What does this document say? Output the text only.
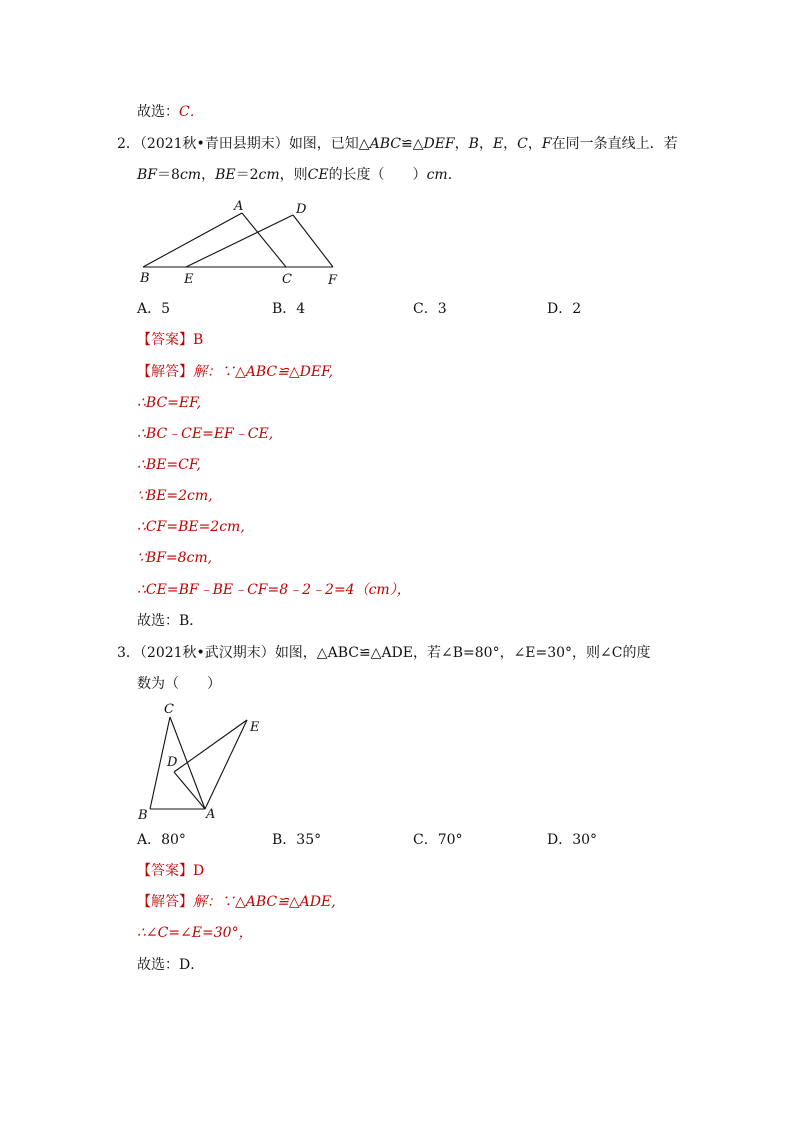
故选：C．
2．（2021秋•青田县期末）如图，已知△ABC≌△DEF，B，E，C，F在同一条直线上．若
BF＝8cm，BE＝2cm，则CE的长度（　　）cm．
A	D
B	E	C	F
A．5	B．4	C．3	D．2
【答案】B
【解答】解：∵△ABC≌△DEF,
∴BC=EF,
∴BC﹣CE=EF﹣CE,
∴BE=CF,
∵BE=2cm,
∴CF=BE=2cm,
∵BF=8cm,
∴CE=BF﹣BE﹣CF=8﹣2﹣2=4（cm），
故选：B．
3．（2021秋•武汉期末）如图，△ABC≌△ADE，若∠B=80°，∠E=30°，则∠C的度
数为（　　）
C
E
D
B	A
A．80°	B．35°	C．70°	D．30°
【答案】D
【解答】解：∵△ABC≌△ADE,
∴∠C=∠E=30°，
故选：D．
